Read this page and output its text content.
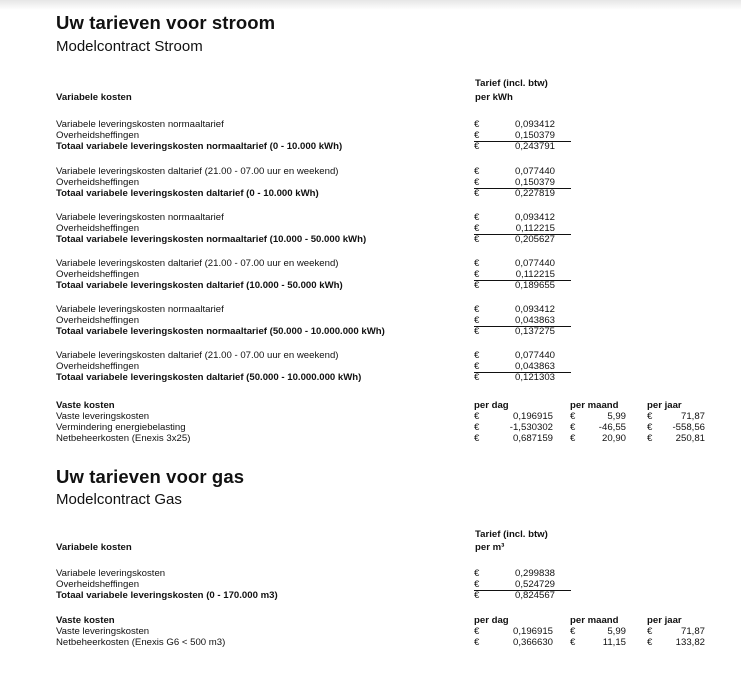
Uw tarieven voor stroom
Modelcontract Stroom
Tarief (incl. btw)
per kWh
Variabele kosten
Variabele leveringskosten normaaltarief	€	0,093412
Overheidsheffingen	€	0,150379
Totaal variabele leveringskosten normaaltarief (0 - 10.000 kWh)	€	0,243791
Variabele leveringskosten daltarief (21.00 - 07.00 uur en weekend)	€	0,077440
Overheidsheffingen	€	0,150379
Totaal variabele leveringskosten daltarief (0 - 10.000 kWh)	€	0,227819
Variabele leveringskosten normaaltarief	€	0,093412
Overheidsheffingen	€	0,112215
Totaal variabele leveringskosten normaaltarief (10.000 - 50.000 kWh)	€	0,205627
Variabele leveringskosten daltarief (21.00 - 07.00 uur en weekend)	€	0,077440
Overheidsheffingen	€	0,112215
Totaal variabele leveringskosten daltarief (10.000 - 50.000 kWh)	€	0,189655
Variabele leveringskosten normaaltarief	€	0,093412
Overheidsheffingen	€	0,043863
Totaal variabele leveringskosten normaaltarief (50.000 - 10.000.000 kWh)	€	0,137275
Variabele leveringskosten daltarief (21.00 - 07.00 uur en weekend)	€	0,077440
Overheidsheffingen	€	0,043863
Totaal variabele leveringskosten daltarief (50.000 - 10.000.000 kWh)	€	0,121303
Vaste kosten	per dag	per maand	per jaar
Vaste leveringskosten	€	0,196915 €	5,99 €	71,87
Vermindering energiebelasting	€	-1,530302 € -46,55 € -558,56
Netbeheerkosten (Enexis 3x25)	€	0,687159 €	20,90 € 250,81
Uw tarieven voor gas
Modelcontract Gas
Tarief (incl. btw)
per m³
Variabele kosten
Variabele leveringskosten	€	0,299838
Overheidsheffingen	€	0,524729
Totaal variabele leveringskosten (0 - 170.000 m3)	€	0,824567
Vaste kosten	per dag	per maand	per jaar
Vaste leveringskosten	€	0,196915 €	5,99 €	71,87
Netbeheerkosten (Enexis G6 < 500 m3)	€	0,366630 €	11,15 € 133,82
